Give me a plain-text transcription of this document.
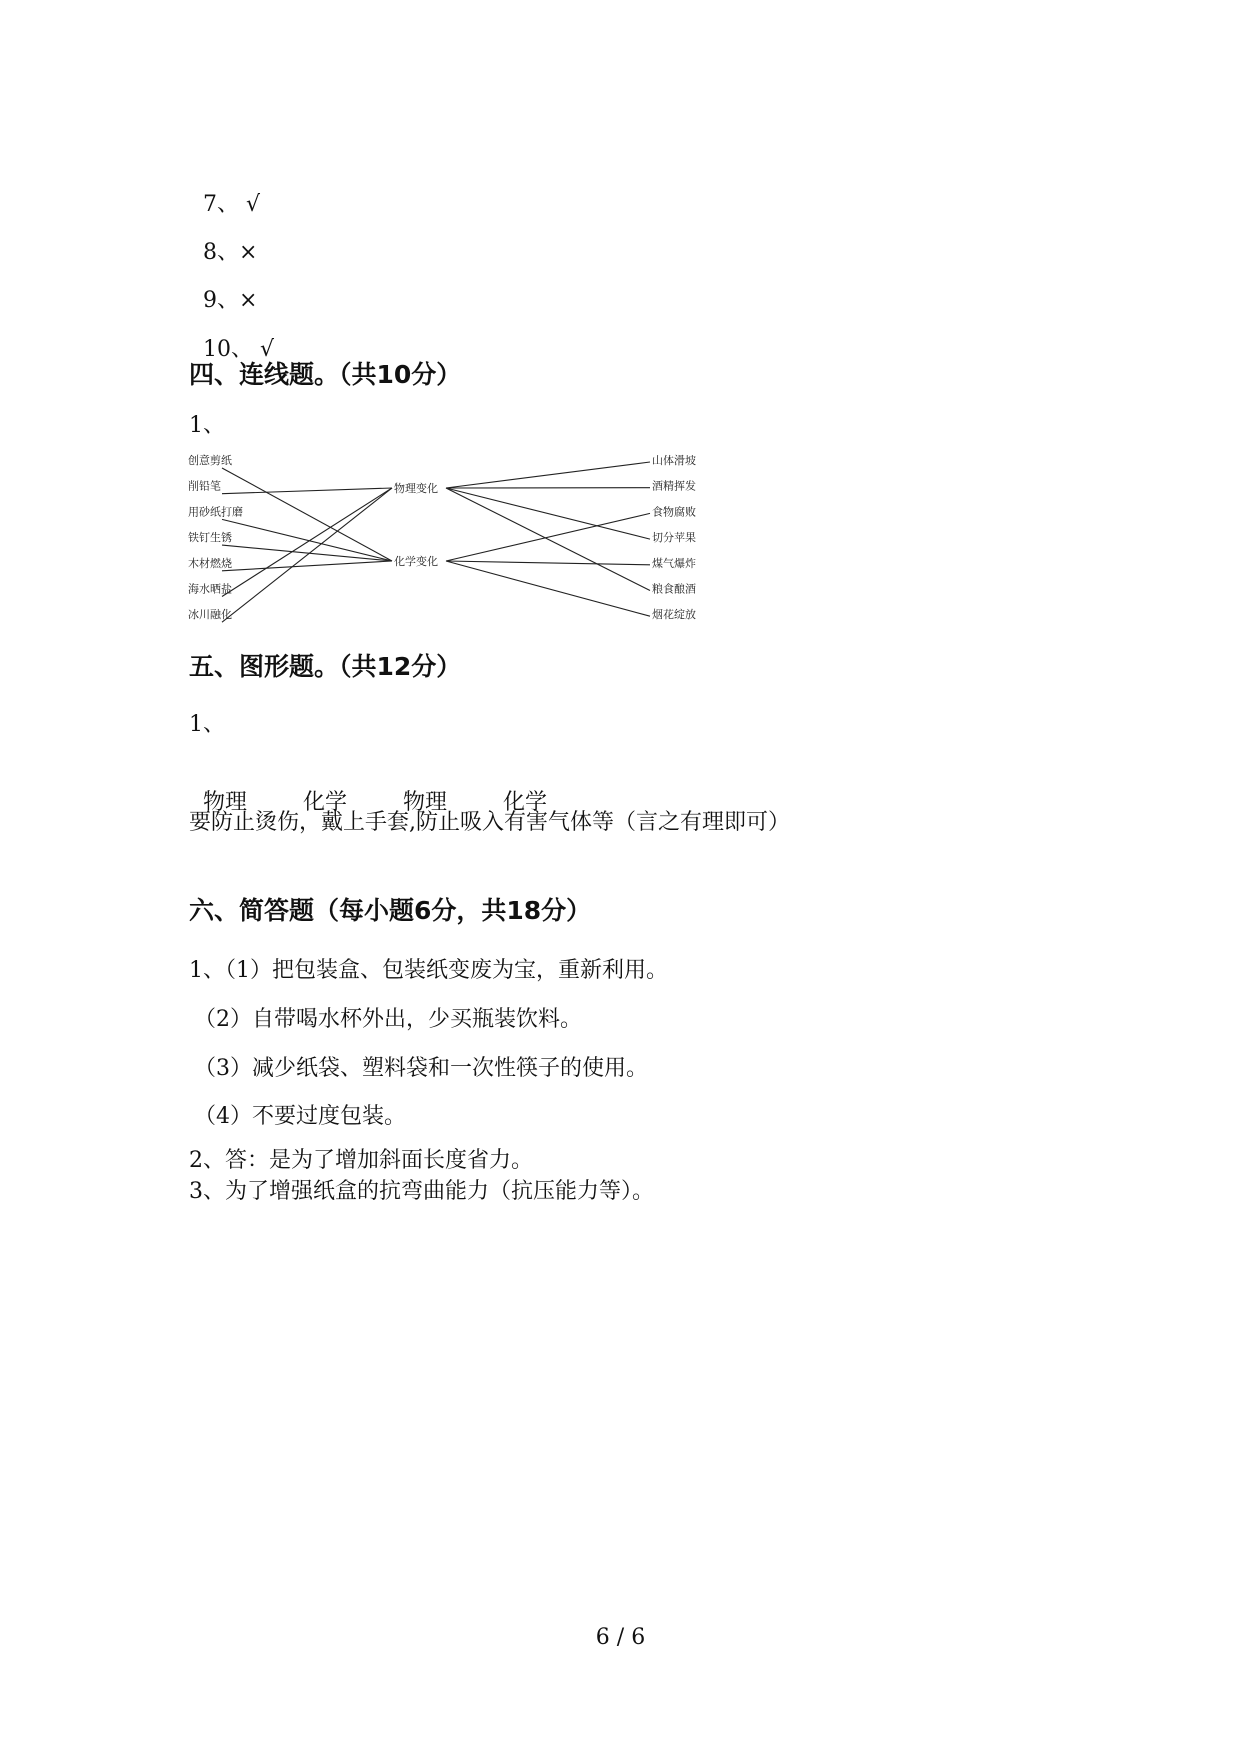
7、 √

8、×

9、×

10、 √

四、连线题。（共10分）
1、
创意剪纸
削铅笔
用砂纸打磨
铁钉生锈
木材燃烧
海水晒盐
冰川融化
物理变化
化学变化
山体滑坡
酒精挥发
食物腐败
切分苹果
煤气爆炸
粮食酿酒
烟花绽放
五、图形题。（共12分）
1、

物理	化学	物理	化学

要防止烫伤，戴上手套,防止吸入有害气体等（言之有理即可）
六、简答题（每小题6分，共18分）
1、（1）把包装盒、包装纸变废为宝，重新利用。
（2）自带喝水杯外出，少买瓶装饮料。
（3）减少纸袋、塑料袋和一次性筷子的使用。
（4）不要过度包装。
2、答：是为了增加斜面长度省力。
3、为了增强纸盒的抗弯曲能力（抗压能力等）。
6 / 6
